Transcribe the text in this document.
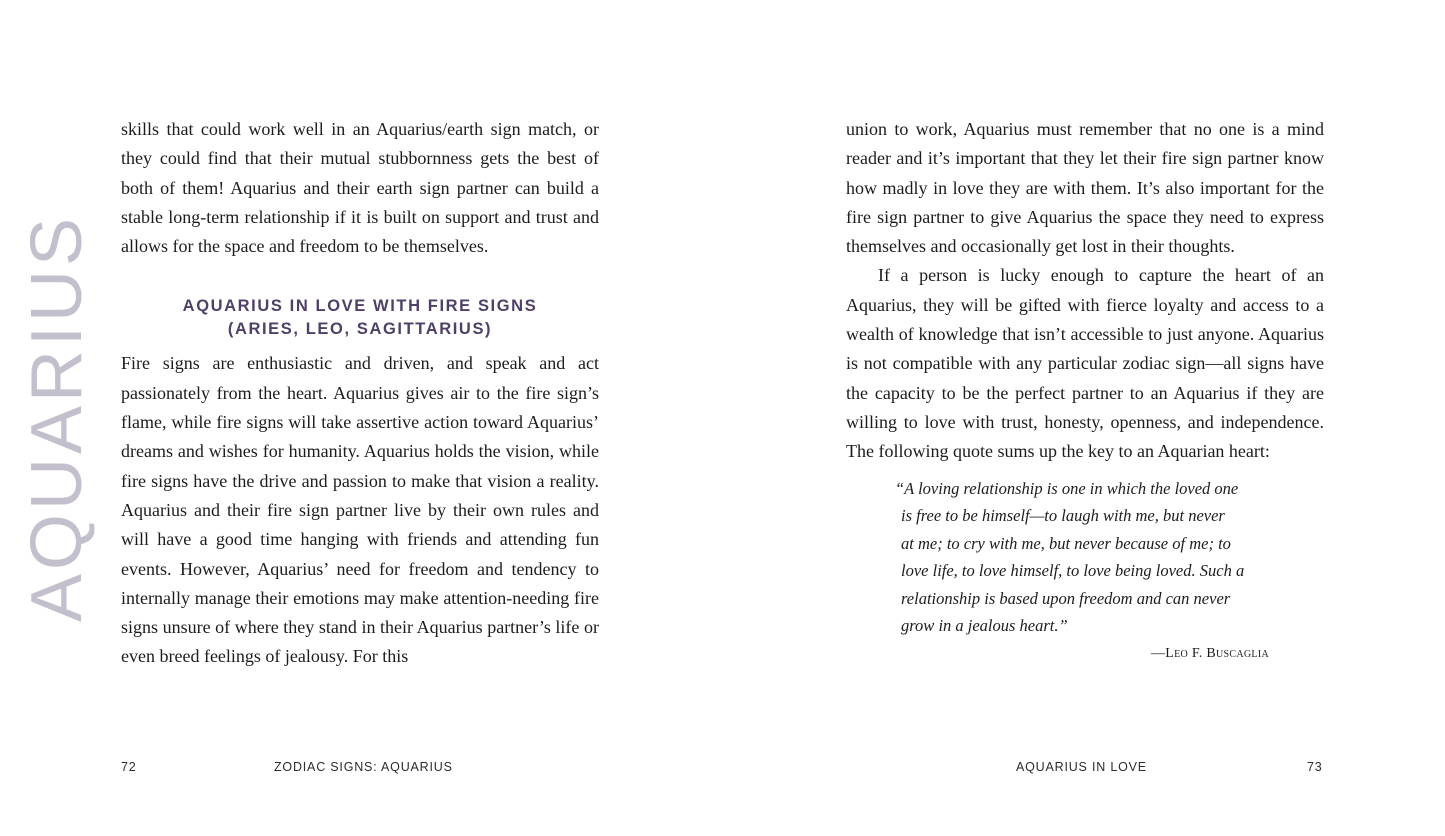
AQUARIUS

skills that could work well in an Aquarius/earth sign match, or they could find that their mutual stubbornness gets the best of both of them! Aquarius and their earth sign partner can build a stable long-term relationship if it is built on support and trust and allows for the space and freedom to be themselves.

AQUARIUS IN LOVE WITH FIRE SIGNS
(ARIES, LEO, SAGITTARIUS)

Fire signs are enthusiastic and driven, and speak and act passionately from the heart. Aquarius gives air to the fire sign’s flame, while fire signs will take assertive action toward Aquarius’ dreams and wishes for humanity. Aquarius holds the vision, while fire signs have the drive and passion to make that vision a reality. Aquarius and their fire sign partner live by their own rules and will have a good time hanging with friends and attending fun events. However, Aquarius’ need for freedom and tendency to internally manage their emotions may make attention-needing fire signs unsure of where they stand in their Aquarius partner’s life or even breed feelings of jealousy. For this

union to work, Aquarius must remember that no one is a mind reader and it’s important that they let their fire sign partner know how madly in love they are with them. It’s also important for the fire sign partner to give Aquarius the space they need to express themselves and occasionally get lost in their thoughts.

If a person is lucky enough to capture the heart of an Aquarius, they will be gifted with fierce loyalty and access to a wealth of knowledge that isn’t accessible to just anyone. Aquarius is not compatible with any particular zodiac sign—all signs have the capacity to be the perfect partner to an Aquarius if they are willing to love with trust, honesty, openness, and independence. The following quote sums up the key to an Aquarian heart:

“A loving relationship is one in which the loved one
is free to be himself—to laugh with me, but never
at me; to cry with me, but never because of me; to
love life, to love himself, to love being loved. Such a
relationship is based upon freedom and can never
grow in a jealous heart.”
—Leo F. Buscaglia
72	ZODIAC SIGNS: AQUARIUS	AQUARIUS IN LOVE	73
